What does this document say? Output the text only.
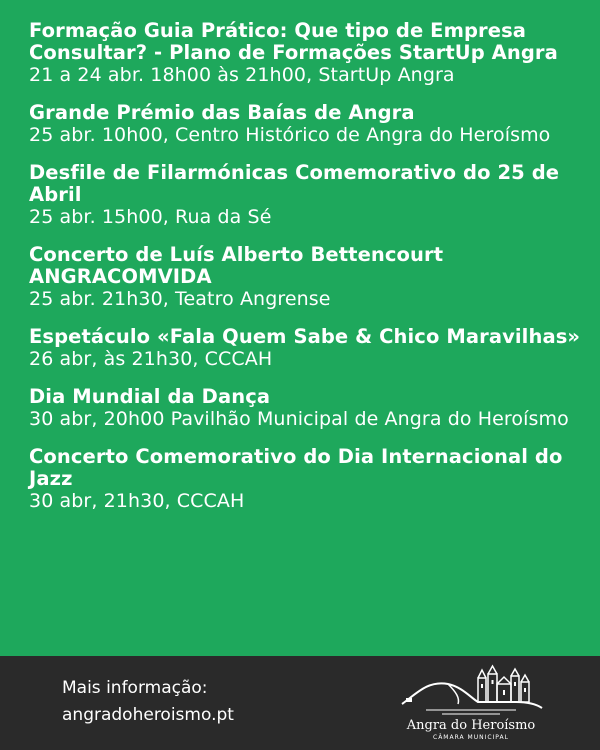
Formação Guia Prático: Que tipo de Empresa Consultar? - Plano de Formações StartUp Angra
21 a 24 abr. 18h00 às 21h00, StartUp Angra
Grande Prémio das Baías de Angra
25 abr. 10h00, Centro Histórico de Angra do Heroísmo
Desfile de Filarmónicas Comemorativo do 25 de Abril
25 abr. 15h00, Rua da Sé
Concerto de Luís Alberto Bettencourt ANGRACOMVIDA
25 abr. 21h30, Teatro Angrense
Espetáculo «Fala Quem Sabe & Chico Maravilhas»
26 abr, às 21h30, CCCAH
Dia Mundial da Dança
30 abr, 20h00 Pavilhão Municipal de Angra do Heroísmo
Concerto Comemorativo do Dia Internacional do Jazz
30 abr, 21h30, CCCAH
Mais informação:
angradoheroismo.pt
Angra do Heroísmo
CÂMARA MUNICIPAL
